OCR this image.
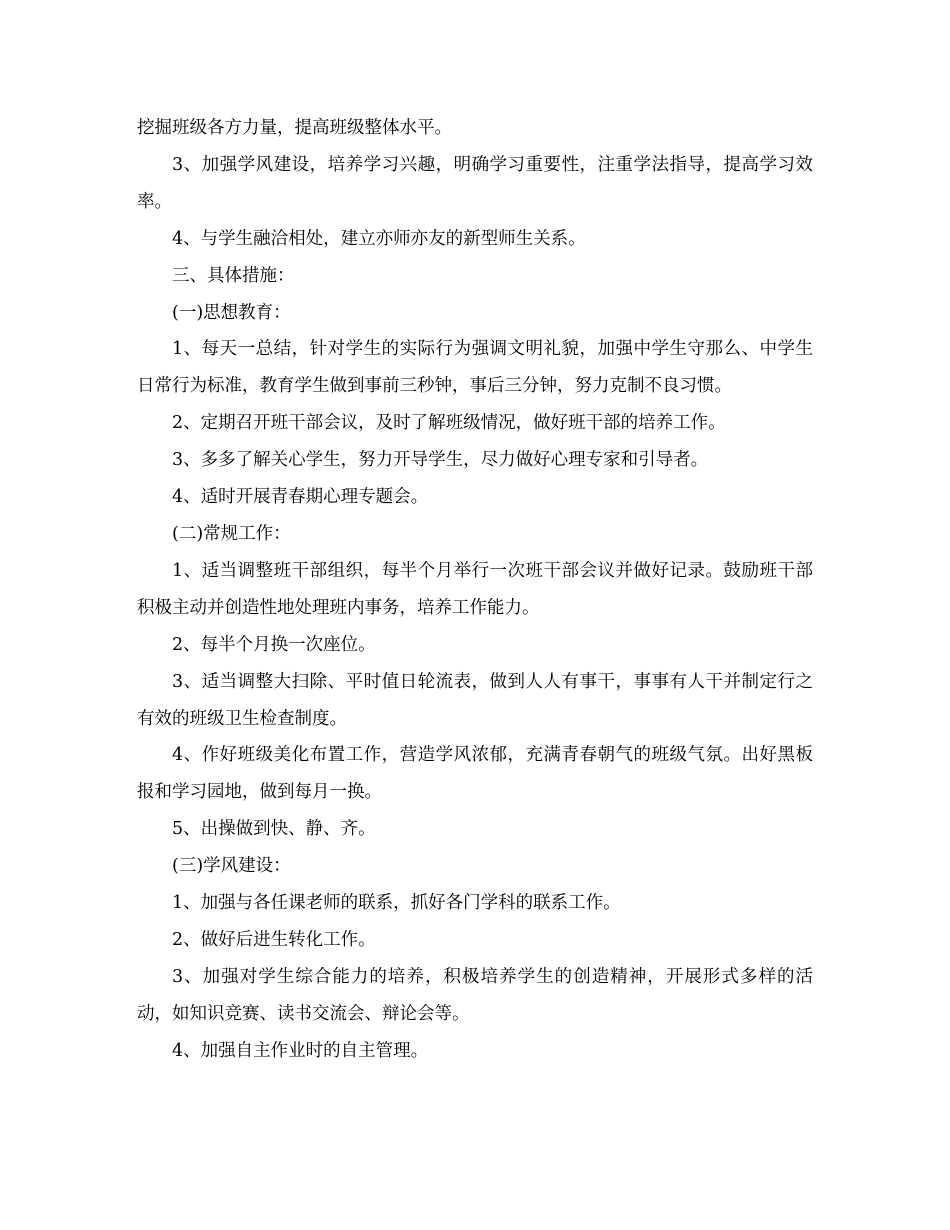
挖掘班级各方力量，提高班级整体水平。

3、加强学风建设，培养学习兴趣，明确学习重要性，注重学法指导，提高学习效率。

4、与学生融洽相处，建立亦师亦友的新型师生关系。

三、具体措施：

(一)思想教育：

1、每天一总结，针对学生的实际行为强调文明礼貌，加强中学生守那么、中学生日常行为标准，教育学生做到事前三秒钟，事后三分钟，努力克制不良习惯。

2、定期召开班干部会议，及时了解班级情况，做好班干部的培养工作。

3、多多了解关心学生，努力开导学生，尽力做好心理专家和引导者。

4、适时开展青春期心理专题会。

(二)常规工作：

1、适当调整班干部组织，每半个月举行一次班干部会议并做好记录。鼓励班干部积极主动并创造性地处理班内事务，培养工作能力。

2、每半个月换一次座位。

3、适当调整大扫除、平时值日轮流表，做到人人有事干，事事有人干并制定行之有效的班级卫生检查制度。

4、作好班级美化布置工作，营造学风浓郁，充满青春朝气的班级气氛。出好黑板报和学习园地，做到每月一换。

5、出操做到快、静、齐。

(三)学风建设：

1、加强与各任课老师的联系，抓好各门学科的联系工作。

2、做好后进生转化工作。

3、加强对学生综合能力的培养，积极培养学生的创造精神，开展形式多样的活动，如知识竞赛、读书交流会、辩论会等。

4、加强自主作业时的自主管理。
